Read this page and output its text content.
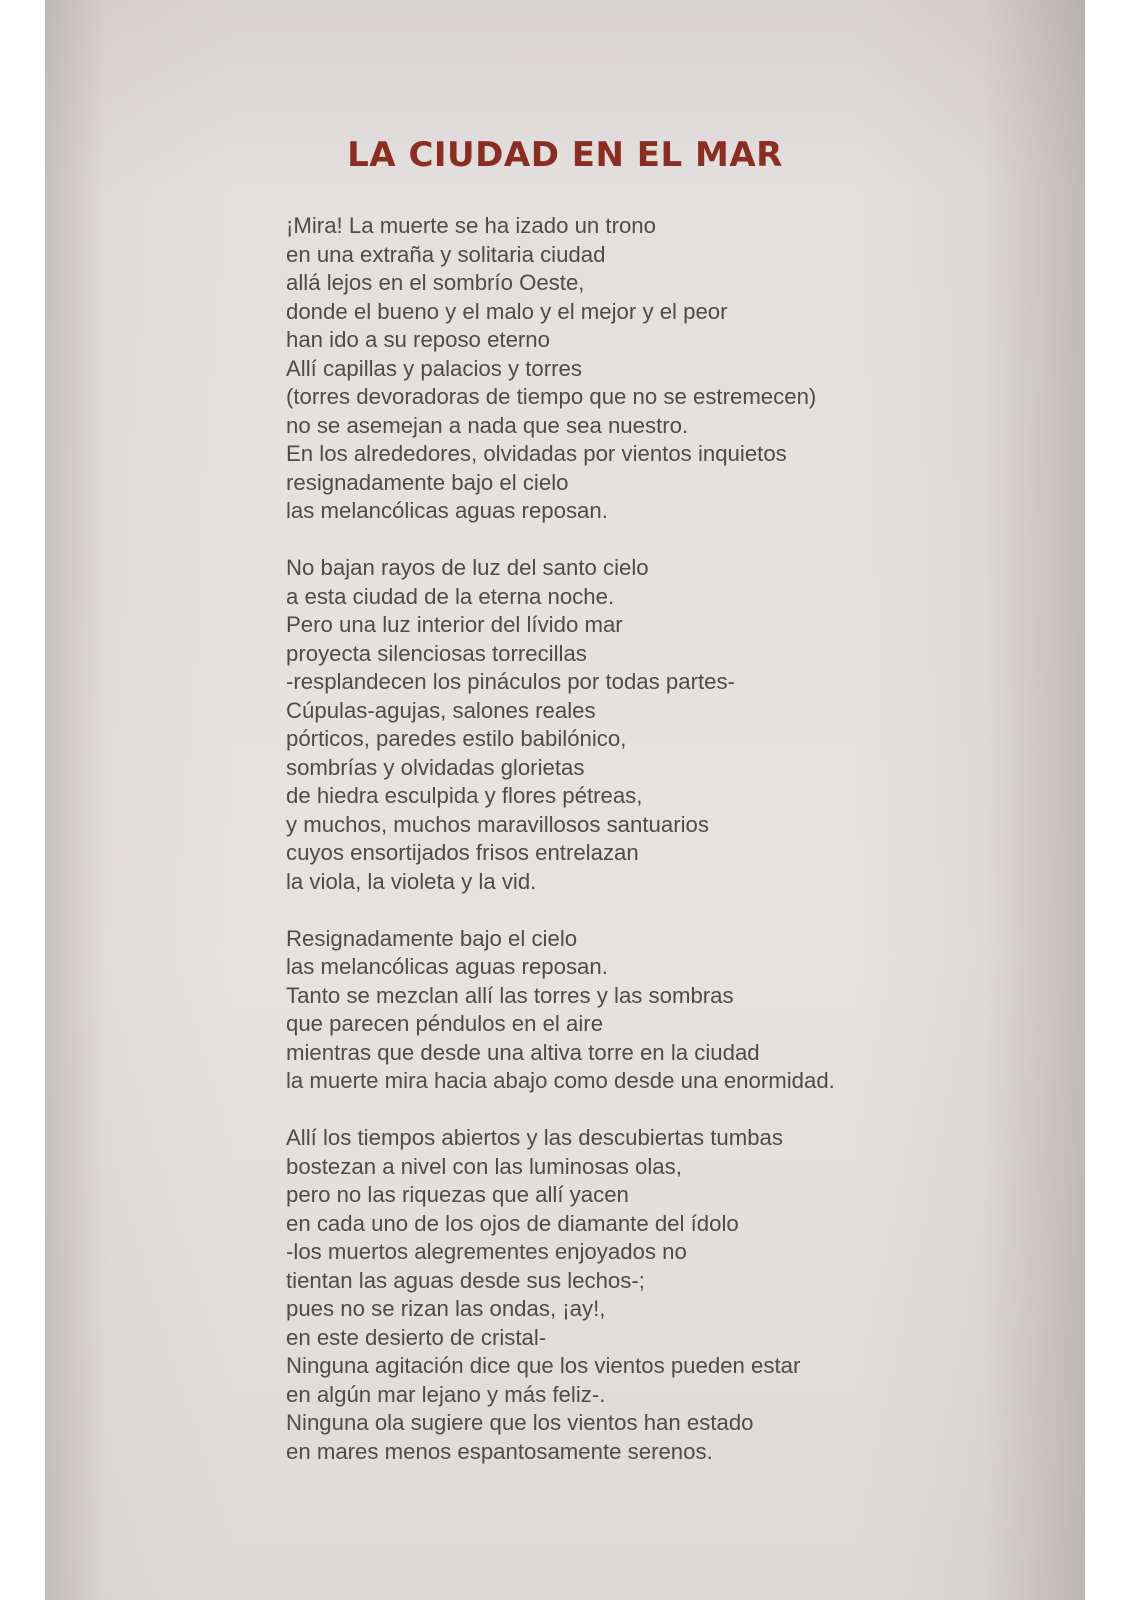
LA CIUDAD EN EL MAR
¡Mira! La muerte se ha izado un trono
en una extraña y solitaria ciudad
allá lejos en el sombrío Oeste,
donde el bueno y el malo y el mejor y el peor
han ido a su reposo eterno
Allí capillas y palacios y torres
(torres devoradoras de tiempo que no se estremecen)
no se asemejan a nada que sea nuestro.
En los alrededores, olvidadas por vientos inquietos
resignadamente bajo el cielo
las melancólicas aguas reposan.
No bajan rayos de luz del santo cielo
a esta ciudad de la eterna noche.
Pero una luz interior del lívido mar
proyecta silenciosas torrecillas
-resplandecen los pináculos por todas partes-
Cúpulas-agujas, salones reales
pórticos, paredes estilo babilónico,
sombrías y olvidadas glorietas
de hiedra esculpida y flores pétreas,
y muchos, muchos maravillosos santuarios
cuyos ensortijados frisos entrelazan
la viola, la violeta y la vid.
Resignadamente bajo el cielo
las melancólicas aguas reposan.
Tanto se mezclan allí las torres y las sombras
que parecen péndulos en el aire
mientras que desde una altiva torre en la ciudad
la muerte mira hacia abajo como desde una enormidad.
Allí los tiempos abiertos y las descubiertas tumbas
bostezan a nivel con las luminosas olas,
pero no las riquezas que allí yacen
en cada uno de los ojos de diamante del ídolo
-los muertos alegrementes enjoyados no
tientan las aguas desde sus lechos-;
pues no se rizan las ondas, ¡ay!,
en este desierto de cristal-
Ninguna agitación dice que los vientos pueden estar
en algún mar lejano y más feliz-.
Ninguna ola sugiere que los vientos han estado
en mares menos espantosamente serenos.
